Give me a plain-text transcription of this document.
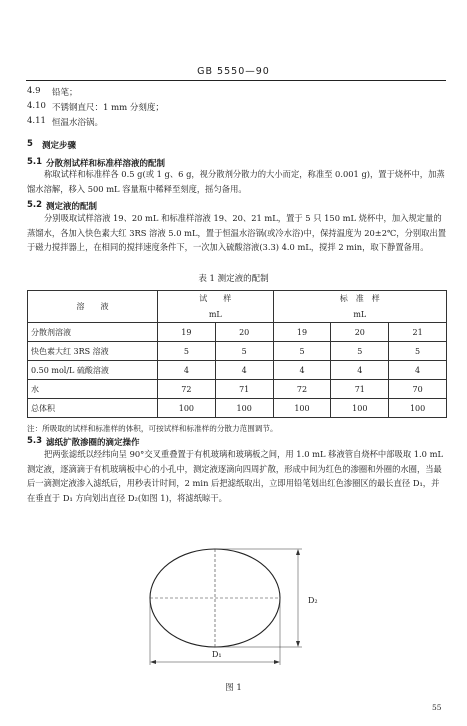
GB 5550—90
4.9 铅笔；
4.10 不锈钢直尺：1 mm 分刻度；
4.11 恒温水浴锅。
5 测定步骤
5.1 分散剂试样和标准样溶液的配制
称取试样和标准样各 0.5 g(或 1 g、6 g，视分散剂分散力的大小而定，称准至 0.001 g)，置于烧杯中，加蒸馏水溶解，移入 500 mL 容量瓶中稀释至刻度，摇匀备用。
5.2 测定液的配制
分别吸取试样溶液 19、20 mL 和标准样溶液 19、20、21 mL，置于 5 只 150 mL 烧杯中，加入规定量的蒸馏水，各加入快色素大红 3RS 溶液 5.0 mL，置于恒温水浴锅(或冷水浴)中，保持温度为 20±2℃，分别取出置于磁力搅拌器上，在相同的搅拌速度条件下，一次加入硫酸溶液(3.3) 4.0 mL，搅拌 2 min，取下静置备用。
表 1 测定液的配制
溶　　液	试　　样		标　准　样		
	mL		mL		
分散剂溶液	19	20	19	20	21
快色素大红 3RS 溶液	5	5	5	5	5
0.50 mol/L 硫酸溶液	4	4	4	4	4
水	72	71	72	71	70
总体积	100	100	100	100	100
注：所吸取的试样和标准样的体积，可按试样和标准样的分散力范围调节。
5.3 滤纸扩散渗圈的滴定操作
把两张滤纸以经纬向呈 90°交叉重叠置于有机玻璃和玻璃板之间，用 1.0 mL 移液管自烧杯中部吸取 1.0 mL 测定液，逐滴滴于有机玻璃板中心的小孔中，测定液逐滴向四周扩散，形成中间为红色的渗圈和外圈的水圈，当最后一滴测定液渗入滤纸后，用秒表计时间，2 min 后把滤纸取出，立即用铅笔划出红色渗圈区的最长直径 D₁，并在垂直于 D₁ 方向划出直径 D₂(如图 1)，将滤纸晾干。
D₂
D₁
图 1
55
